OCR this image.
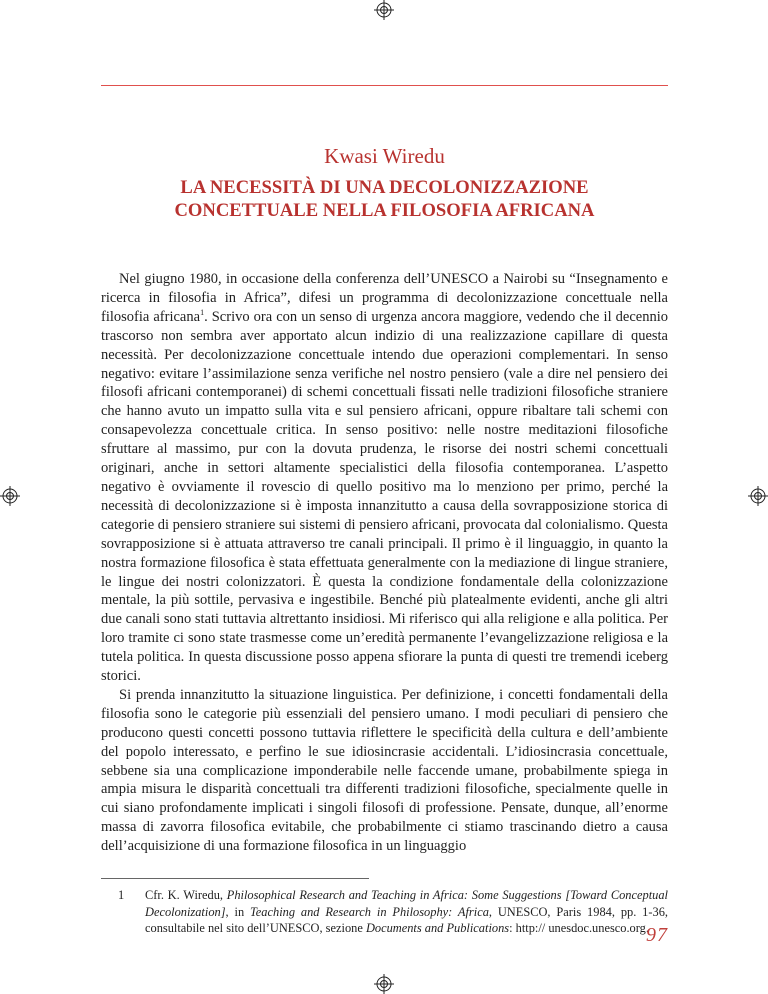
Kwasi Wiredu
LA NECESSITÀ DI UNA DECOLONIZZAZIONE
CONCETTUALE NELLA FILOSOFIA AFRICANA

Nel giugno 1980, in occasione della conferenza dell’UNESCO a Nairobi su “Insegnamento e ricerca in filosofia in Africa”, difesi un programma di decolonizzazione concettuale nella filosofia africana$^1$. Scrivo ora con un senso di urgenza ancora maggiore, vedendo che il decennio trascorso non sembra aver apportato alcun indizio di una realizzazione capillare di questa necessità. Per decolonizzazione concettuale intendo due operazioni complementari. In senso negativo: evitare l’assimilazione senza verifiche nel nostro pensiero (vale a dire nel pensiero dei filosofi africani contemporanei) di schemi concettuali fissati nelle tradizioni filosofiche straniere che hanno avuto un impatto sulla vita e sul pensiero africani, oppure ribaltare tali schemi con consapevolezza concettuale critica. In senso positivo: nelle nostre meditazioni filosofiche sfruttare al massimo, pur con la dovuta prudenza, le risorse dei nostri schemi concettuali originari, anche in settori altamente specialistici della filosofia contemporanea. L’aspetto negativo è ovviamente il rovescio di quello positivo ma lo menziono per primo, perché la necessità di decolonizzazione si è imposta innanzitutto a causa della sovrapposizione storica di categorie di pensiero straniere sui sistemi di pensiero africani, provocata dal colonialismo. Questa sovrapposizione si è attuata attraverso tre canali principali. Il primo è il linguaggio, in quanto la nostra formazione filosofica è stata effettuata generalmente con la mediazione di lingue straniere, le lingue dei nostri colonizzatori. È questa la condizione fondamentale della colonizzazione mentale, la più sottile, pervasiva e ingestibile. Benché più platealmente evidenti, anche gli altri due canali sono stati tuttavia altrettanto insidiosi. Mi riferisco qui alla religione e alla politica. Per loro tramite ci sono state trasmesse come un’eredità permanente l’evangelizzazione religiosa e la tutela politica. In questa discussione posso appena sfiorare la punta di questi tre tremendi iceberg storici.

Si prenda innanzitutto la situazione linguistica. Per definizione, i concetti fondamentali della filosofia sono le categorie più essenziali del pensiero umano. I modi peculiari di pensiero che producono questi concetti possono tuttavia riflettere le specificità della cultura e dell’ambiente del popolo interessato, e perfino le sue idiosincrasie accidentali. L’idiosincrasia concettuale, sebbene sia una complicazione imponderabile nelle faccende umane, probabilmente spiega in ampia misura le disparità concettuali tra differenti tradizioni filosofiche, specialmente quelle in cui siano profondamente implicati i singoli filosofi di professione. Pensate, dunque, all’enorme massa di zavorra filosofica evitabile, che probabilmente ci stiamo trascinando dietro a causa dell’acquisizione di una formazione filosofica in un linguaggio

1 Cfr. K. Wiredu, Philosophical Research and Teaching in Africa: Some Suggestions [Toward Conceptual Decolonization], in Teaching and Research in Philosophy: Africa, UNESCO, Paris 1984, pp. 1-36, consultabile nel sito dell’UNESCO, sezione Documents and Publications: http:// unesdoc.unesco.org.
97
